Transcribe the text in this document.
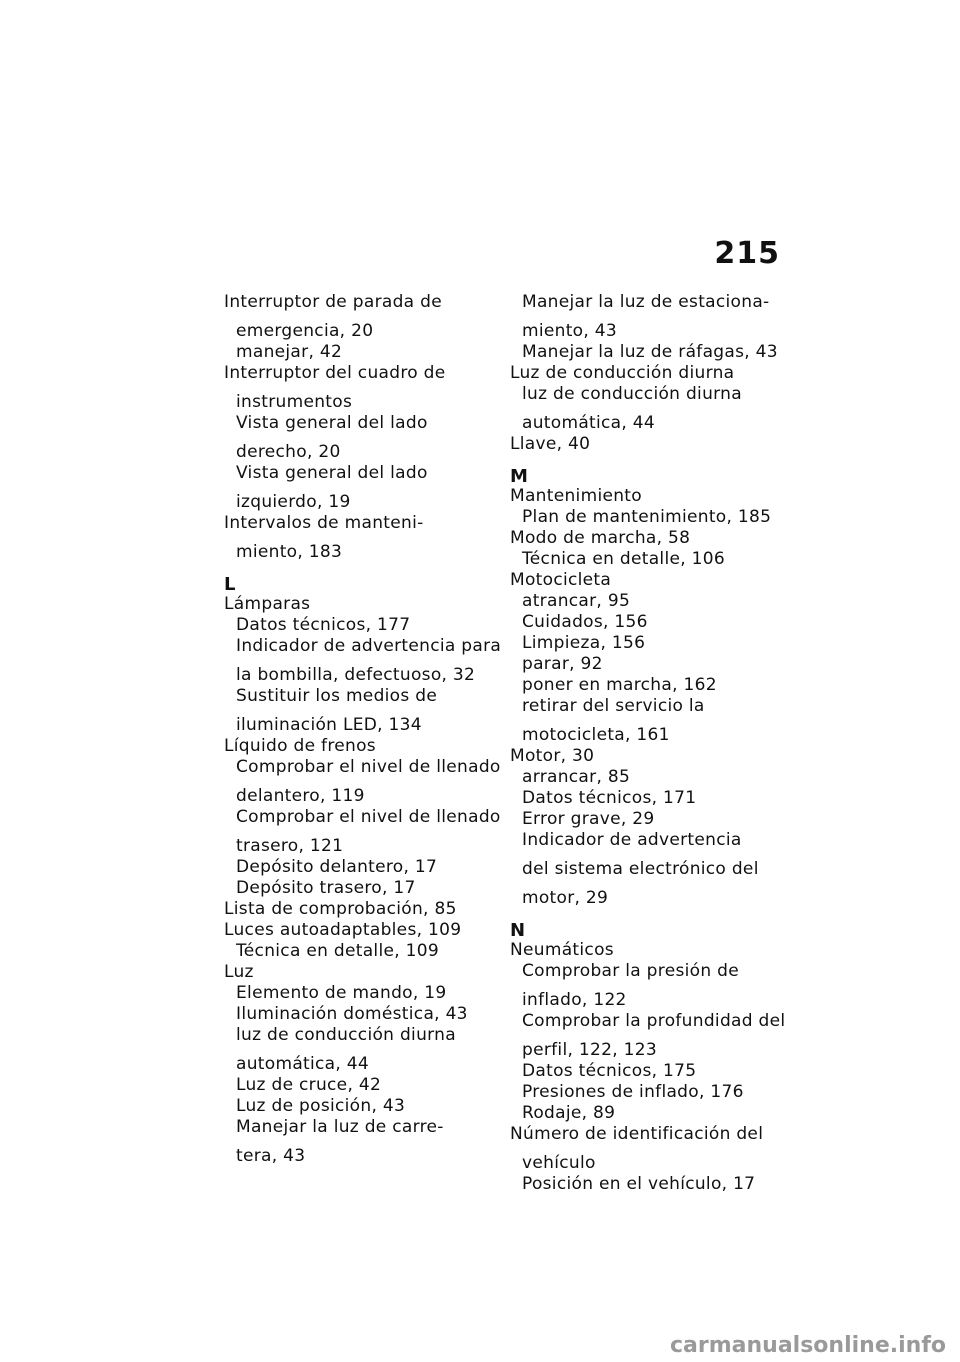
215
Interruptor de parada de
emergencia, 20
manejar, 42
Interruptor del cuadro de
instrumentos
Vista general del lado
derecho, 20
Vista general del lado
izquierdo, 19
Intervalos de manteni-
miento, 183
L
Lámparas
Datos técnicos, 177
Indicador de advertencia para
la bombilla, defectuoso, 32
Sustituir los medios de
iluminación LED, 134
Líquido de frenos
Comprobar el nivel de llenado
delantero, 119
Comprobar el nivel de llenado
trasero, 121
Depósito delantero, 17
Depósito trasero, 17
Lista de comprobación, 85
Luces autoadaptables, 109
Técnica en detalle, 109
Luz
Elemento de mando, 19
Iluminación doméstica, 43
luz de conducción diurna
automática, 44
Luz de cruce, 42
Luz de posición, 43
Manejar la luz de carre-
tera, 43
Manejar la luz de estaciona-
miento, 43
Manejar la luz de ráfagas, 43
Luz de conducción diurna
luz de conducción diurna
automática, 44
Llave, 40
M
Mantenimiento
Plan de mantenimiento, 185
Modo de marcha, 58
Técnica en detalle, 106
Motocicleta
atrancar, 95
Cuidados, 156
Limpieza, 156
parar, 92
poner en marcha, 162
retirar del servicio la
motocicleta, 161
Motor, 30
arrancar, 85
Datos técnicos, 171
Error grave, 29
Indicador de advertencia
del sistema electrónico del
motor, 29
N
Neumáticos
Comprobar la presión de
inflado, 122
Comprobar la profundidad del
perfil, 122, 123
Datos técnicos, 175
Presiones de inflado, 176
Rodaje, 89
Número de identificación del
vehículo
Posición en el vehículo, 17
carmanualsonline.info
